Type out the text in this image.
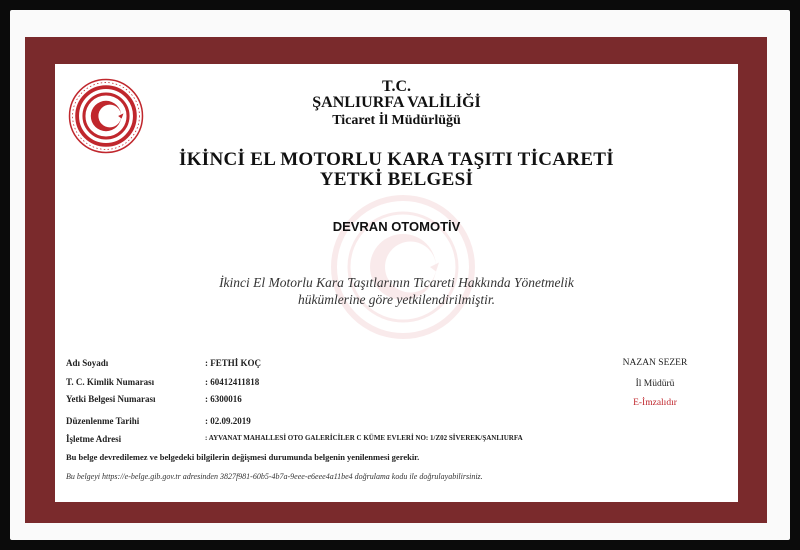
T.C.
ŞANLIURFA VALİLİĞİ
Ticaret İl Müdürlüğü
İKİNCİ EL MOTORLU KARA TAŞITI TİCARETİ
YETKİ BELGESİ
DEVRAN OTOMOTİV
İkinci El Motorlu Kara Taşıtlarının Ticareti Hakkında Yönetmelik
hükümlerine göre yetkilendirilmiştir.
Adı Soyadı	: FETHİ KOÇ
T. C. Kimlik Numarası	: 60412411818
Yetki Belgesi Numarası	: 6300016
Düzenlenme Tarihi	: 02.09.2019
İşletme Adresi	: AYVANAT MAHALLESİ OTO GALERİCİLER C KÜME EVLERİ NO: 1/Z02 SİVEREK/ŞANLIURFA
NAZAN SEZER
İl Müdürü
E-İmzalıdır
Bu belge devredilemez ve belgedeki bilgilerin değişmesi durumunda belgenin yenilenmesi gerekir.
Bu belgeyi https://e-belge.gib.gov.tr adresinden 3827f981-60b5-4b7a-9eee-e6eee4a11be4 doğrulama kodu ile doğrulayabilirsiniz.
